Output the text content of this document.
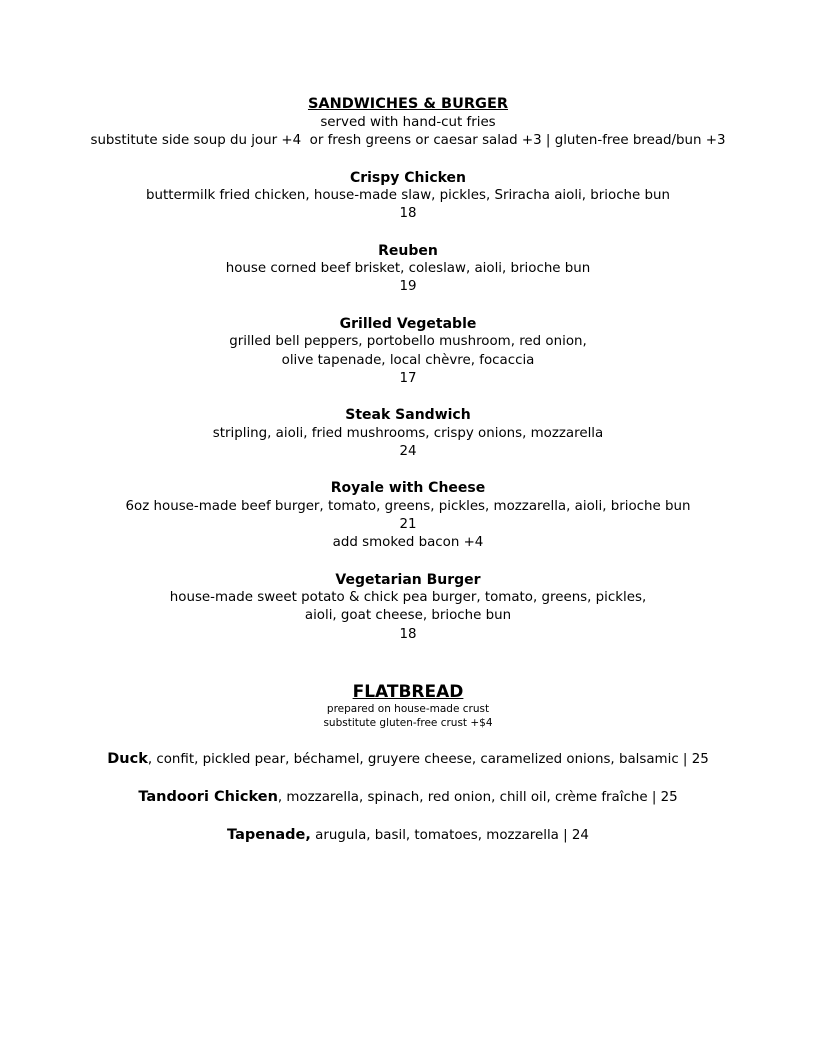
SANDWICHES & BURGER

served with hand-cut fries

substitute side soup du jour +4  or fresh greens or caesar salad +3 | gluten-free bread/bun +3

Crispy Chicken

buttermilk fried chicken, house-made slaw, pickles, Sriracha aioli, brioche bun

18

Reuben

house corned beef brisket, coleslaw, aioli, brioche bun

19

Grilled Vegetable

grilled bell peppers, portobello mushroom, red onion,

olive tapenade, local chèvre, focaccia

17

Steak Sandwich

stripling, aioli, fried mushrooms, crispy onions, mozzarella

24

Royale with Cheese

6oz house-made beef burger, tomato, greens, pickles, mozzarella, aioli, brioche bun

21

add smoked bacon +4

Vegetarian Burger

house-made sweet potato & chick pea burger, tomato, greens, pickles,

aioli, goat cheese, brioche bun

18

FLATBREAD

prepared on house-made crust

substitute gluten-free crust +$4

Duck, confit, pickled pear, béchamel, gruyere cheese, caramelized onions, balsamic | 25

Tandoori Chicken, mozzarella, spinach, red onion, chill oil, crème fraîche | 25

Tapenade, arugula, basil, tomatoes, mozzarella | 24
